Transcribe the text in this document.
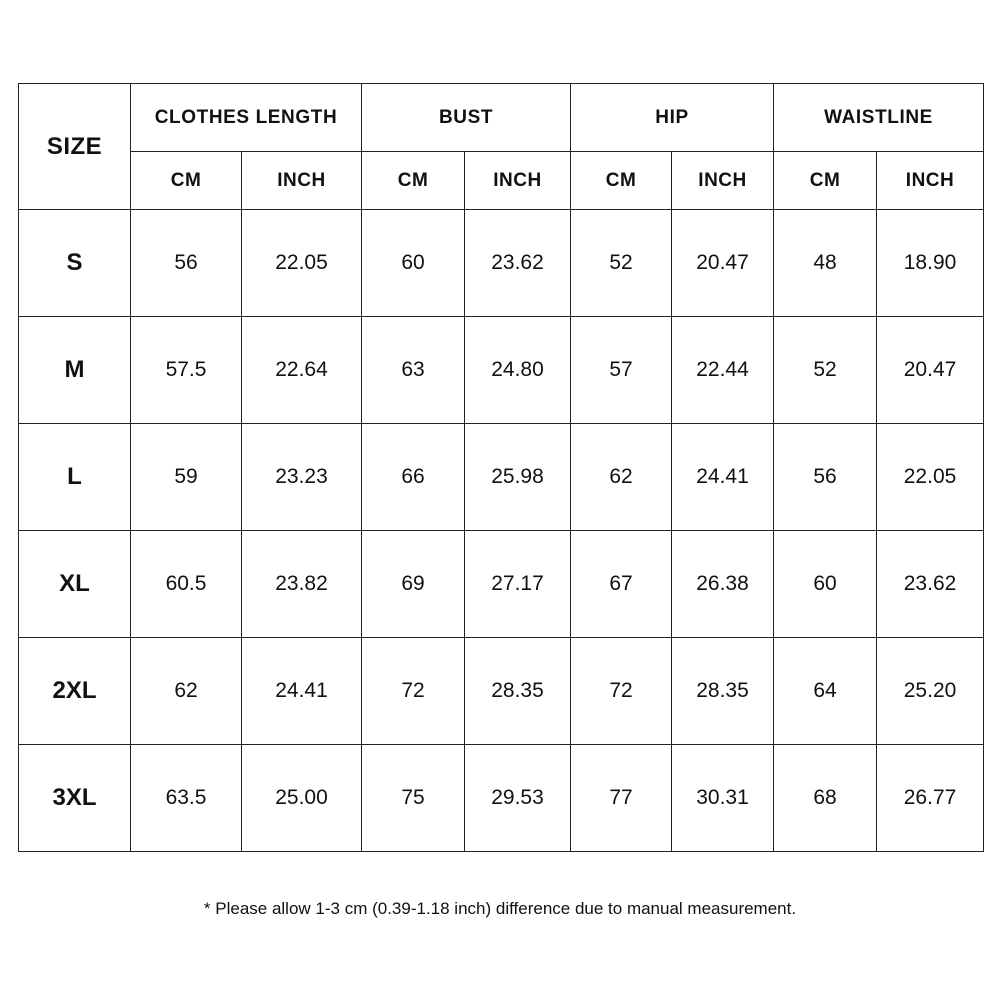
SIZE	CLOTHES LENGTH		BUST		HIP		WAISTLINE	
	CM	INCH	CM	INCH	CM	INCH	CM	INCH
S	56	22.05	60	23.62	52	20.47	48	18.90
M	57.5	22.64	63	24.80	57	22.44	52	20.47
L	59	23.23	66	25.98	62	24.41	56	22.05
XL	60.5	23.82	69	27.17	67	26.38	60	23.62
2XL	62	24.41	72	28.35	72	28.35	64	25.20
3XL	63.5	25.00	75	29.53	77	30.31	68	26.77
* Please allow 1-3 cm (0.39-1.18 inch) difference due to manual measurement.
